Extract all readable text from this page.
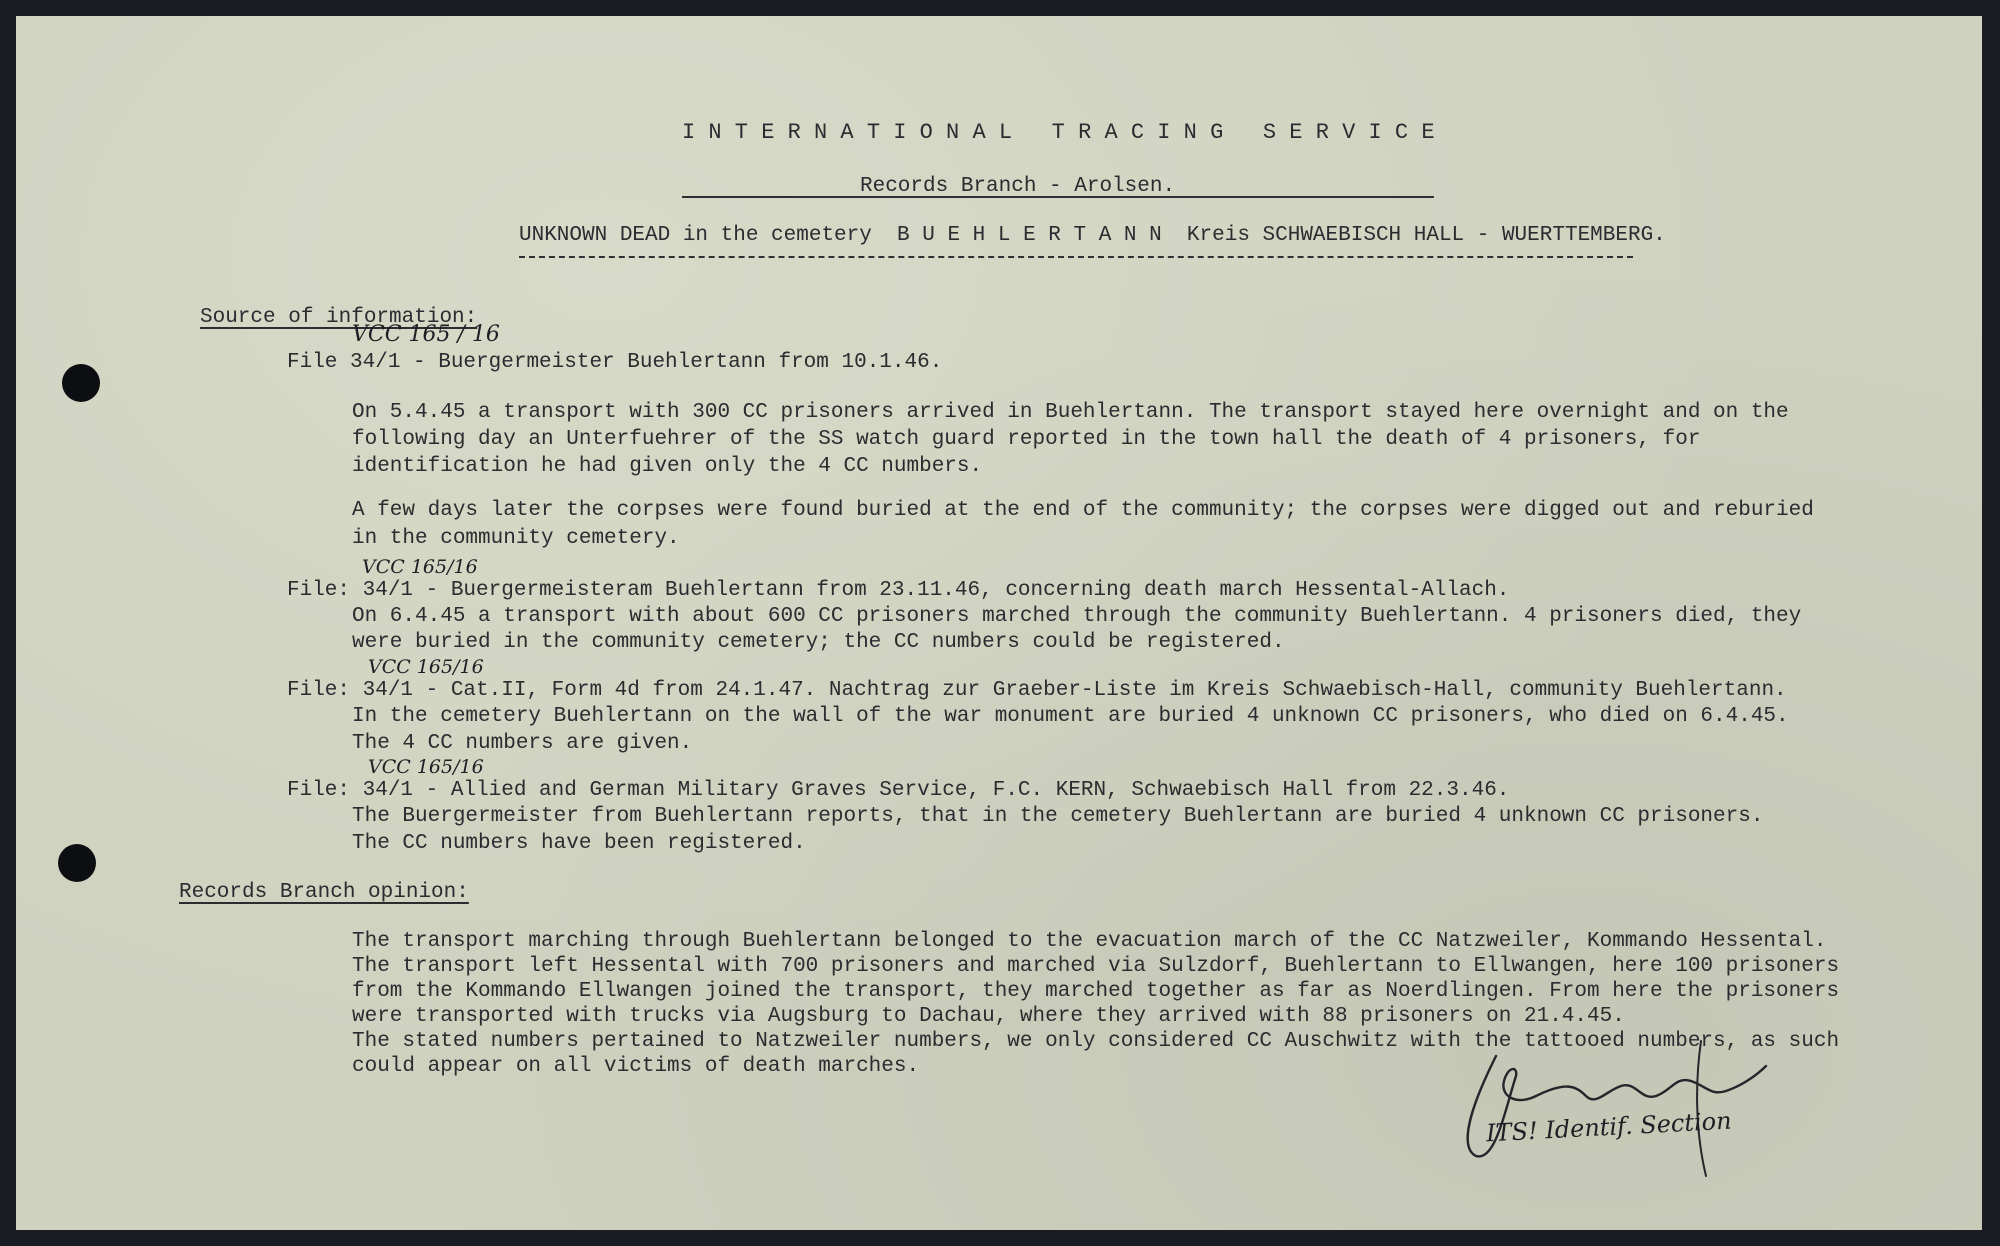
I N T E R N A T I O N A L   T R A C I N G   S E R V I C E
Records Branch - Arolsen.
UNKNOWN DEAD in the cemetery  B U E H L E R T A N N  Kreis SCHWAEBISCH HALL - WUERTTEMBERG.
Source of information:
VCC 165 / 16
File 34/1 - Buergermeister Buehlertann from 10.1.46.
On 5.4.45 a transport with 300 CC prisoners arrived in Buehlertann. The transport stayed here overnight and on the
following day an Unterfuehrer of the SS watch guard reported in the town hall the death of 4 prisoners, for
identification he had given only the 4 CC numbers.
A few days later the corpses were found buried at the end of the community; the corpses were digged out and reburied
in the community cemetery.
VCC 165/16
File: 34/1 - Buergermeisteram Buehlertann from 23.11.46, concerning death march Hessental-Allach.
On 6.4.45 a transport with about 600 CC prisoners marched through the community Buehlertann. 4 prisoners died, they
were buried in the community cemetery; the CC numbers could be registered.
VCC 165/16
File: 34/1 - Cat.II, Form 4d from 24.1.47. Nachtrag zur Graeber-Liste im Kreis Schwaebisch-Hall, community Buehlertann.
In the cemetery Buehlertann on the wall of the war monument are buried 4 unknown CC prisoners, who died on 6.4.45.
The 4 CC numbers are given.
VCC 165/16
File: 34/1 - Allied and German Military Graves Service, F.C. KERN, Schwaebisch Hall from 22.3.46.
The Buergermeister from Buehlertann reports, that in the cemetery Buehlertann are buried 4 unknown CC prisoners.
The CC numbers have been registered.
Records Branch opinion:
The transport marching through Buehlertann belonged to the evacuation march of the CC Natzweiler, Kommando Hessental.
The transport left Hessental with 700 prisoners and marched via Sulzdorf, Buehlertann to Ellwangen, here 100 prisoners
from the Kommando Ellwangen joined the transport, they marched together as far as Noerdlingen. From here the prisoners
were transported with trucks via Augsburg to Dachau, where they arrived with 88 prisoners on 21.4.45.
The stated numbers pertained to Natzweiler numbers, we only considered CC Auschwitz with the tattooed numbers, as such
could appear on all victims of death marches.
ITS! Identif. Section
